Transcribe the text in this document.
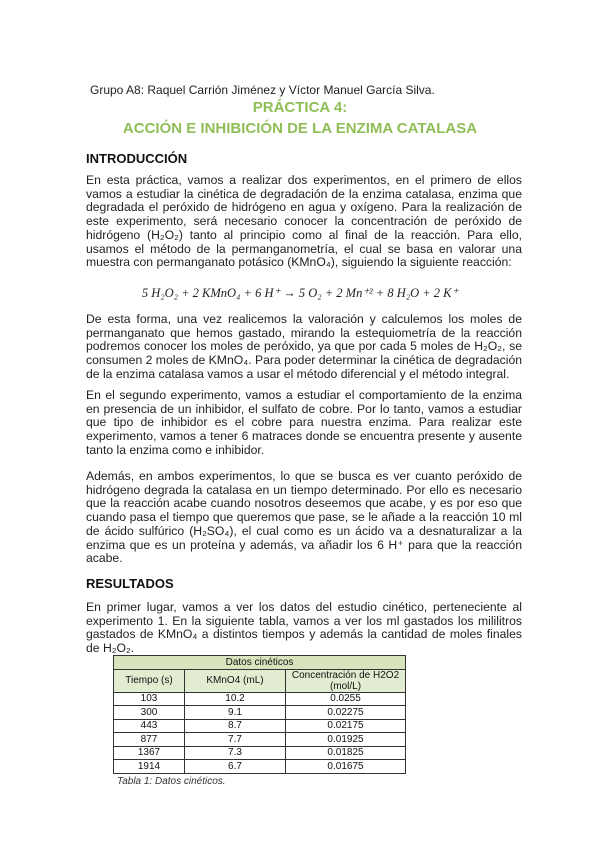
Grupo A8: Raquel Carrión Jiménez y Víctor Manuel García Silva.
PRÁCTICA 4:
ACCIÓN E INHIBICIÓN DE LA ENZIMA CATALASA
INTRODUCCIÓN
En esta práctica, vamos a realizar dos experimentos, en el primero de ellos vamos a estudiar la cinética de degradación de la enzima catalasa, enzima que degradada el peróxido de hidrógeno en agua y oxígeno. Para la realización de este experimento, será necesario conocer la concentración de peróxido de hidrógeno (H₂O₂) tanto al principio como al final de la reacción. Para ello, usamos el método de la permanganometría, el cual se basa en valorar una muestra con permanganato potásico (KMnO₄), siguiendo la siguiente reacción:
5 H₂O₂ + 2 KMnO₄ + 6 H⁺ → 5 O₂ + 2 Mn⁺² + 8 H₂O + 2 K⁺
De esta forma, una vez realicemos la valoración y calculemos los moles de permanganato que hemos gastado, mirando la estequiometría de la reacción podremos conocer los moles de peróxido, ya que por cada 5 moles de H₂O₂, se consumen 2 moles de KMnO₄. Para poder determinar la cinética de degradación de la enzima catalasa vamos a usar el método diferencial y el método integral.
En el segundo experimento, vamos a estudiar el comportamiento de la enzima en presencia de un inhibidor, el sulfato de cobre. Por lo tanto, vamos a estudiar que tipo de inhibidor es el cobre para nuestra enzima. Para realizar este experimento, vamos a tener 6 matraces donde se encuentra presente y ausente tanto la enzima como e inhibidor.
Además, en ambos experimentos, lo que se busca es ver cuanto peróxido de hidrógeno degrada la catalasa en un tiempo determinado. Por ello es necesario que la reacción acabe cuando nosotros deseemos que acabe, y es por eso que cuando pasa el tiempo que queremos que pase, se le añade a la reacción 10 ml de ácido sulfúrico (H₂SO₄), el cual como es un ácido va a desnaturalizar a la enzima que es un proteína y además, va añadir los 6 H⁺ para que la reacción acabe.
RESULTADOS
En primer lugar, vamos a ver los datos del estudio cinético, perteneciente al experimento 1. En la siguiente tabla, vamos a ver los ml gastados los mililitros gastados de KMnO₄ a distintos tiempos y además la cantidad de moles finales de H₂O₂.
Datos cinéticos		
Tiempo (s)	KMnO4 (mL)	Concentración de H2O2 (mol/L)
103	10.2	0.0255
300	9.1	0.02275
443	8.7	0.02175
877	7.7	0.01925
1367	7.3	0.01825
1914	6.7	0.01675
Tabla 1: Datos cinéticos.
